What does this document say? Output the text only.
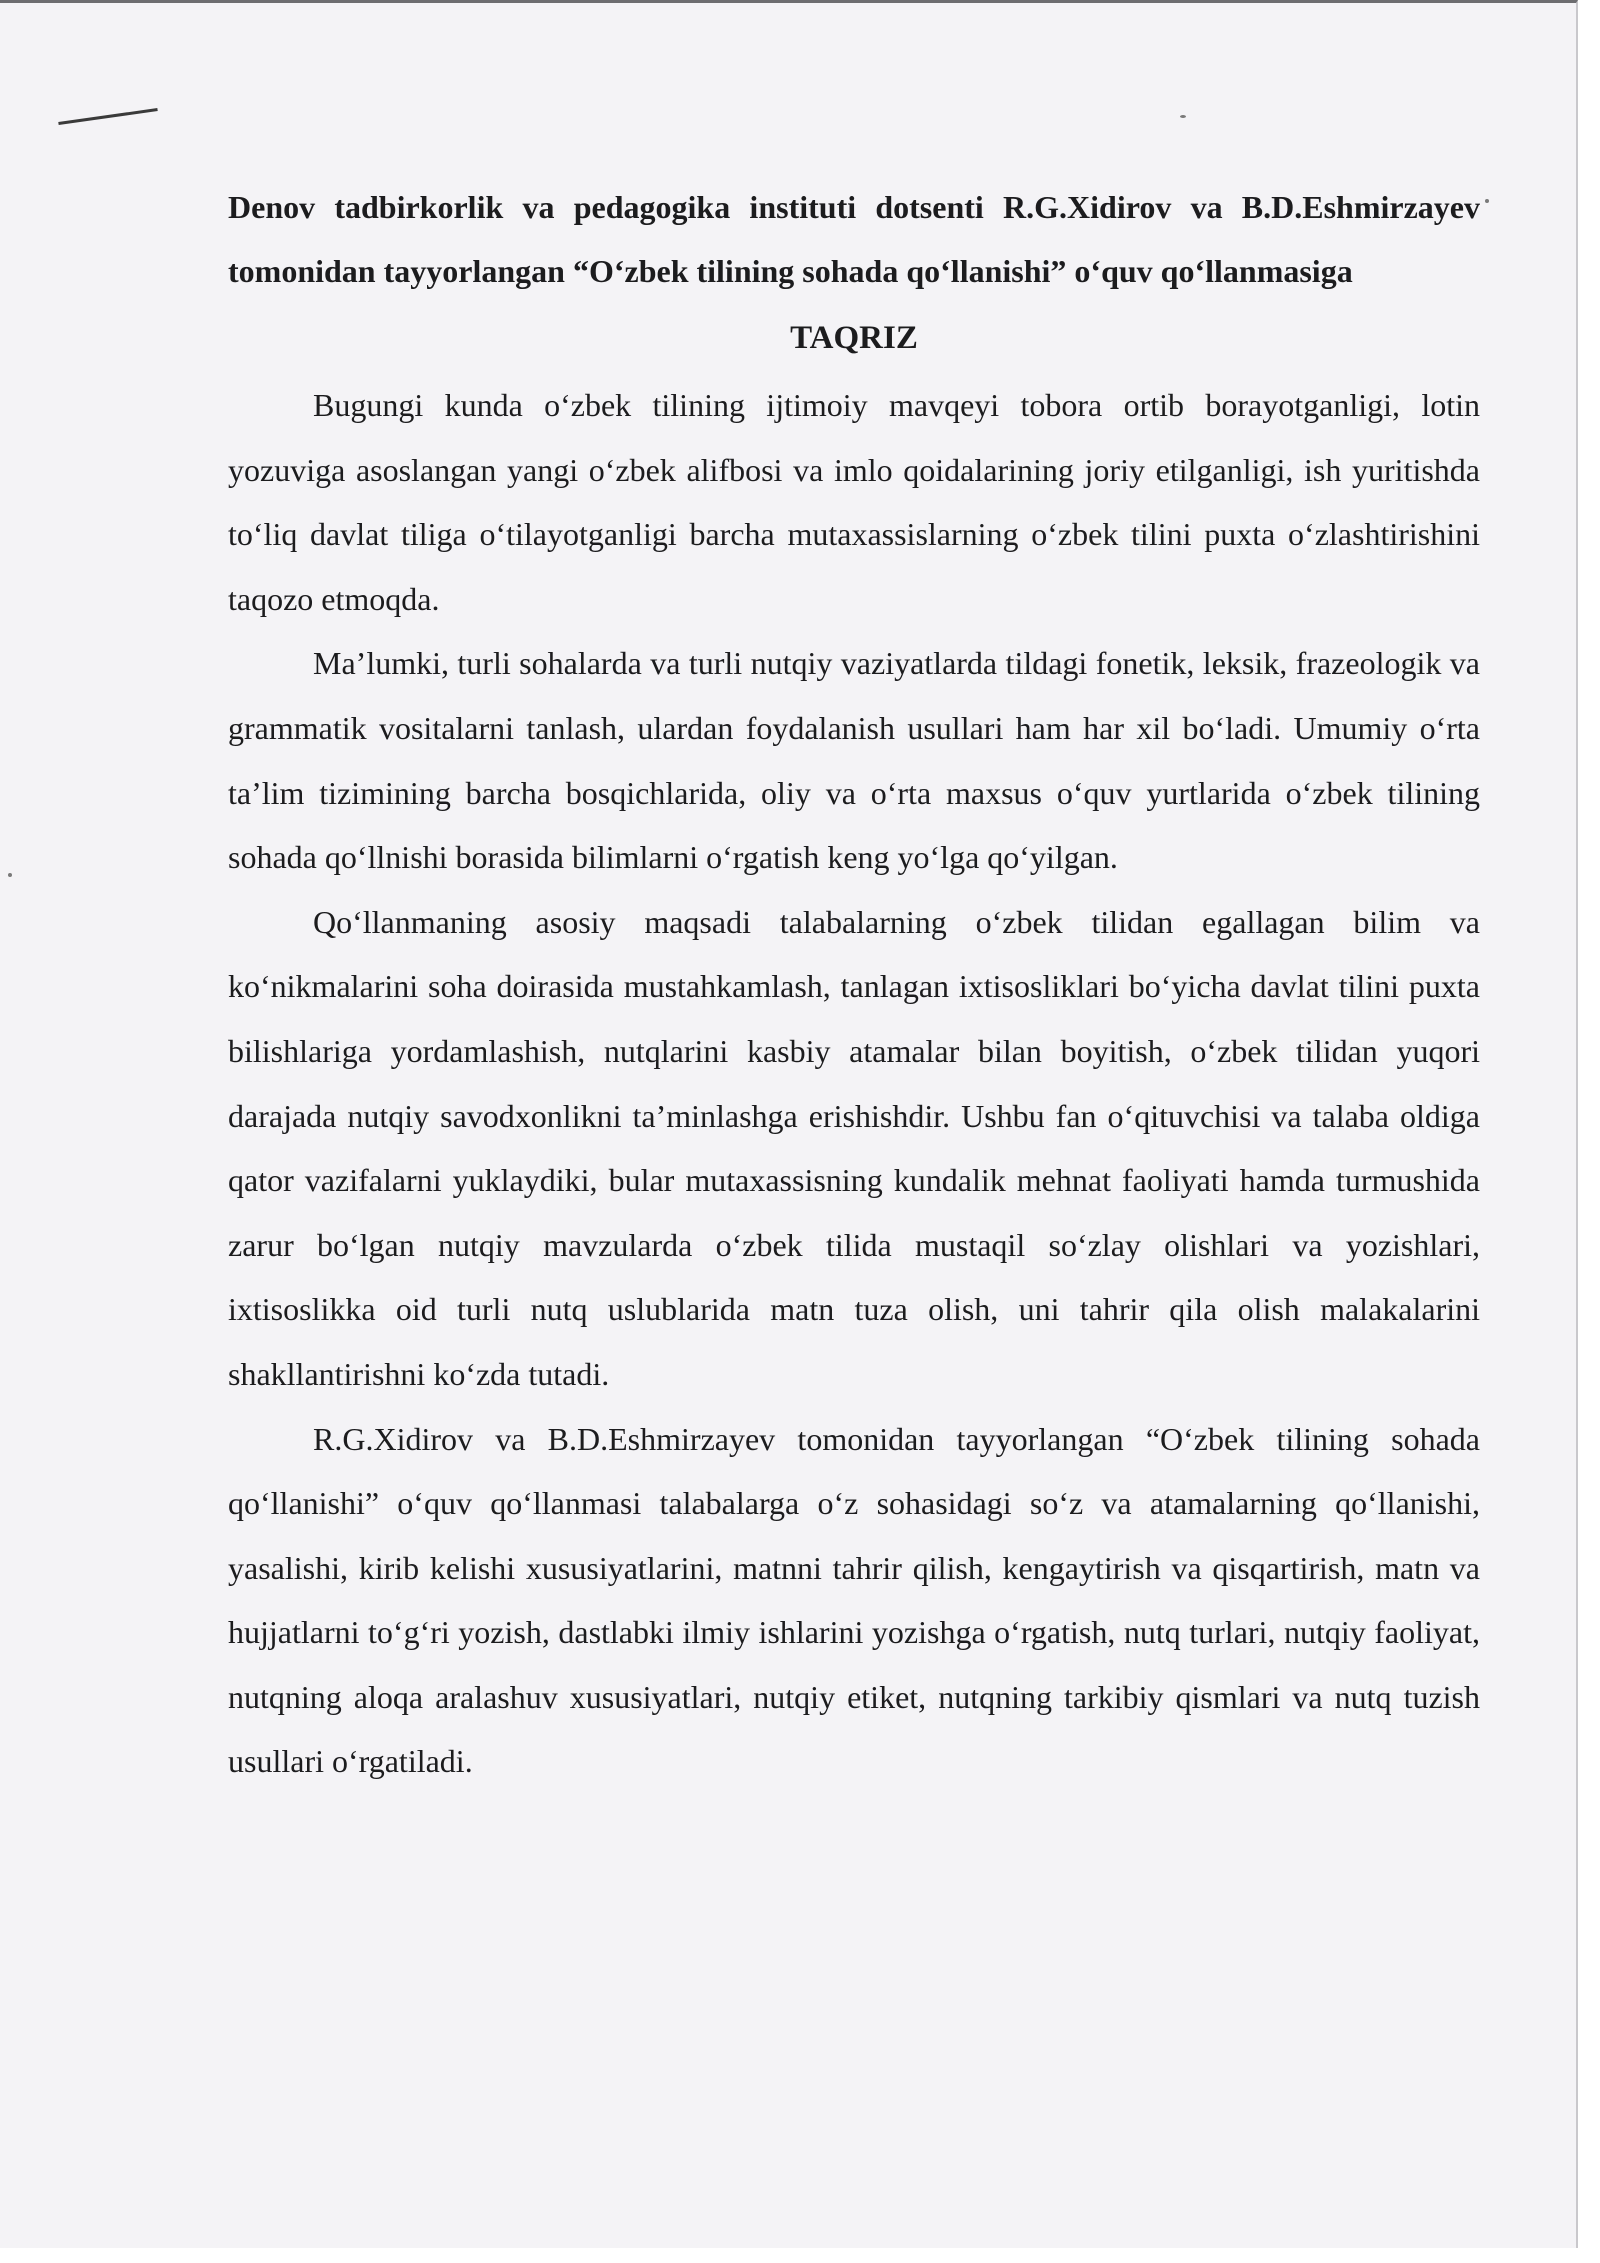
Denov tadbirkorlik va pedagogika instituti dotsenti R.G.Xidirov va B.D.Eshmirzayev tomonidan tayyorlangan “O‘zbek tilining sohada qo‘llanishi” o‘quv qo‘llanmasiga

TAQRIZ

Bugungi kunda o‘zbek tilining ijtimoiy mavqeyi tobora ortib borayotganligi, lotin yozuviga asoslangan yangi o‘zbek alifbosi va imlo qoidalarining joriy etilganligi, ish yuritishda to‘liq davlat tiliga o‘tilayotganligi barcha mutaxassislarning o‘zbek tilini puxta o‘zlashtirishini taqozo etmoqda.

Ma’lumki, turli sohalarda va turli nutqiy vaziyatlarda tildagi fonetik, leksik, frazeologik va grammatik vositalarni tanlash, ulardan foydalanish usullari ham har xil bo‘ladi. Umumiy o‘rta ta’lim tizimining barcha bosqichlarida, oliy va o‘rta maxsus o‘quv yurtlarida o‘zbek tilining sohada qo‘llnishi borasida bilimlarni o‘rgatish keng yo‘lga qo‘yilgan.

Qo‘llanmaning asosiy maqsadi talabalarning o‘zbek tilidan egallagan bilim va ko‘nikmalarini soha doirasida mustahkamlash, tanlagan ixtisosliklari bo‘yicha davlat tilini puxta bilishlariga yordamlashish, nutqlarini kasbiy atamalar bilan boyitish, o‘zbek tilidan yuqori darajada nutqiy savodxonlikni ta’minlashga erishishdir. Ushbu fan o‘qituvchisi va talaba oldiga qator vazifalarni yuklaydiki, bular mutaxassisning kundalik mehnat faoliyati hamda turmushida zarur bo‘lgan nutqiy mavzularda o‘zbek tilida mustaqil so‘zlay olishlari va yozishlari, ixtisoslikka oid turli nutq uslublarida matn tuza olish, uni tahrir qila olish malakalarini shakllantirishni ko‘zda tutadi.

R.G.Xidirov va B.D.Eshmirzayev tomonidan tayyorlangan “O‘zbek tilining sohada qo‘llanishi” o‘quv qo‘llanmasi talabalarga o‘z sohasidagi so‘z va atamalarning qo‘llanishi, yasalishi, kirib kelishi xususiyatlarini, matnni tahrir qilish, kengaytirish va qisqartirish, matn va hujjatlarni to‘g‘ri yozish, dastlabki ilmiy ishlarini yozishga o‘rgatish, nutq turlari, nutqiy faoliyat, nutqning aloqa aralashuv xususiyatlari, nutqiy etiket, nutqning tarkibiy qismlari va nutq tuzish usullari o‘rgatiladi.
